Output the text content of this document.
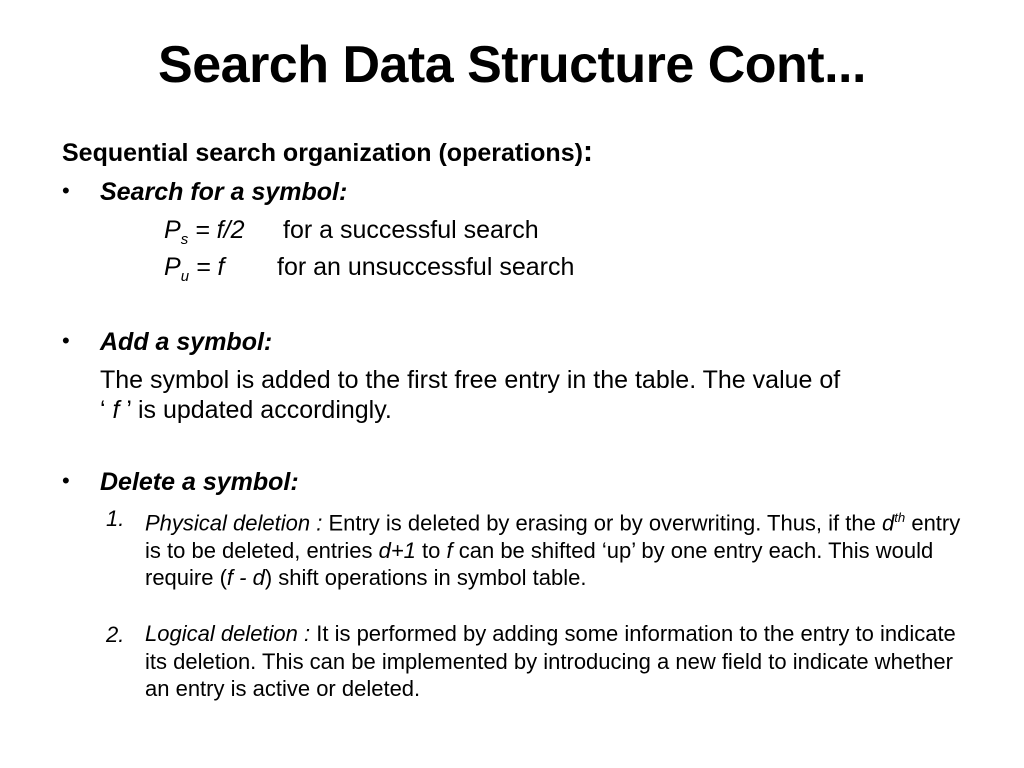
Search Data Structure Cont...
Sequential search organization (operations):
• Search for a symbol:
$P_s = f/2$ for a successful search
$P_u = f$ for an unsuccessful search
• Add a symbol:
The symbol is added to the first free entry in the table. The value of
‘ f ’ is updated accordingly.
• Delete a symbol:
1. Physical deletion : Entry is deleted by erasing or by overwriting. Thus, if the $d^{th}$ entry is to be deleted, entries d+1 to f can be shifted ‘up’ by one entry each. This would require (f - d) shift operations in symbol table.
2. Logical deletion : It is performed by adding some information to the entry to indicate its deletion. This can be implemented by introducing a new field to indicate whether an entry is active or deleted.
